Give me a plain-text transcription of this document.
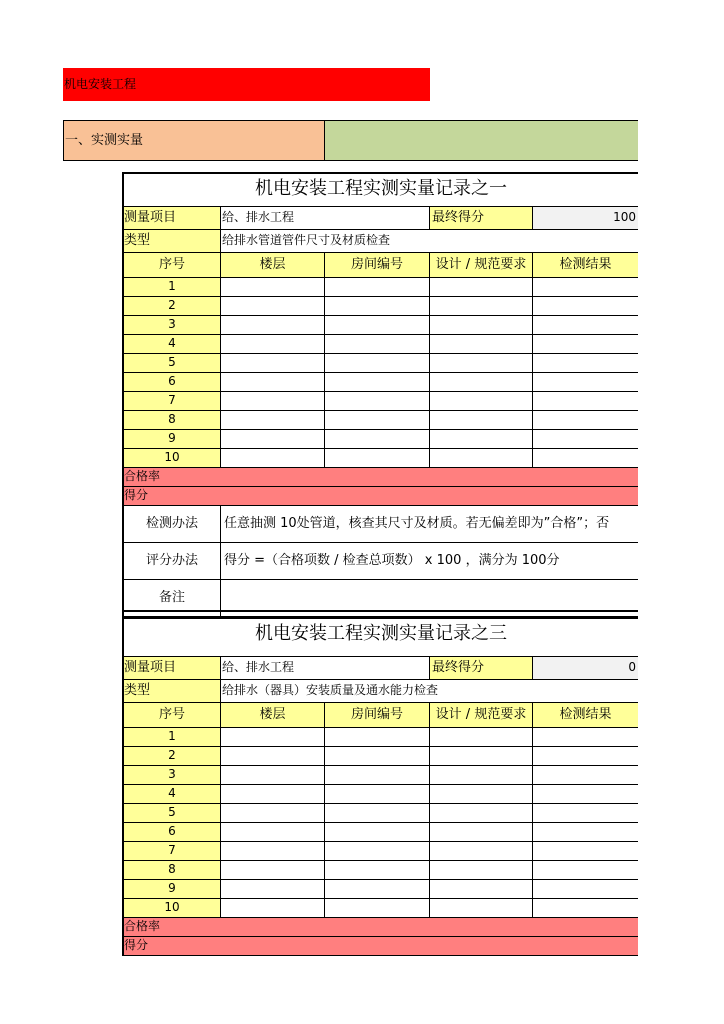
机电安装工程
一、实测实量
机电安装工程实测实量记录之一
测量项目	给、排水工程	最终得分	100
类型	给排水管道管件尺寸及材质检查
序号	楼层	房间编号	设计 / 规范要求	检测结果
1
2
3
4
5
6
7
8
9
10
合格率
得分
检测办法	任意抽测 10处管道，核查其尺寸及材质。若无偏差即为”合格”；否
评分办法	得分 =（合格项数 / 检查总项数） x 100 ，满分为 100分
备注
机电安装工程实测实量记录之三
测量项目	给、排水工程	最终得分	0
类型	给排水（器具）安装质量及通水能力检查
序号	楼层	房间编号	设计 / 规范要求	检测结果
1
2
3
4
5
6
7
8
9
10
合格率
得分
